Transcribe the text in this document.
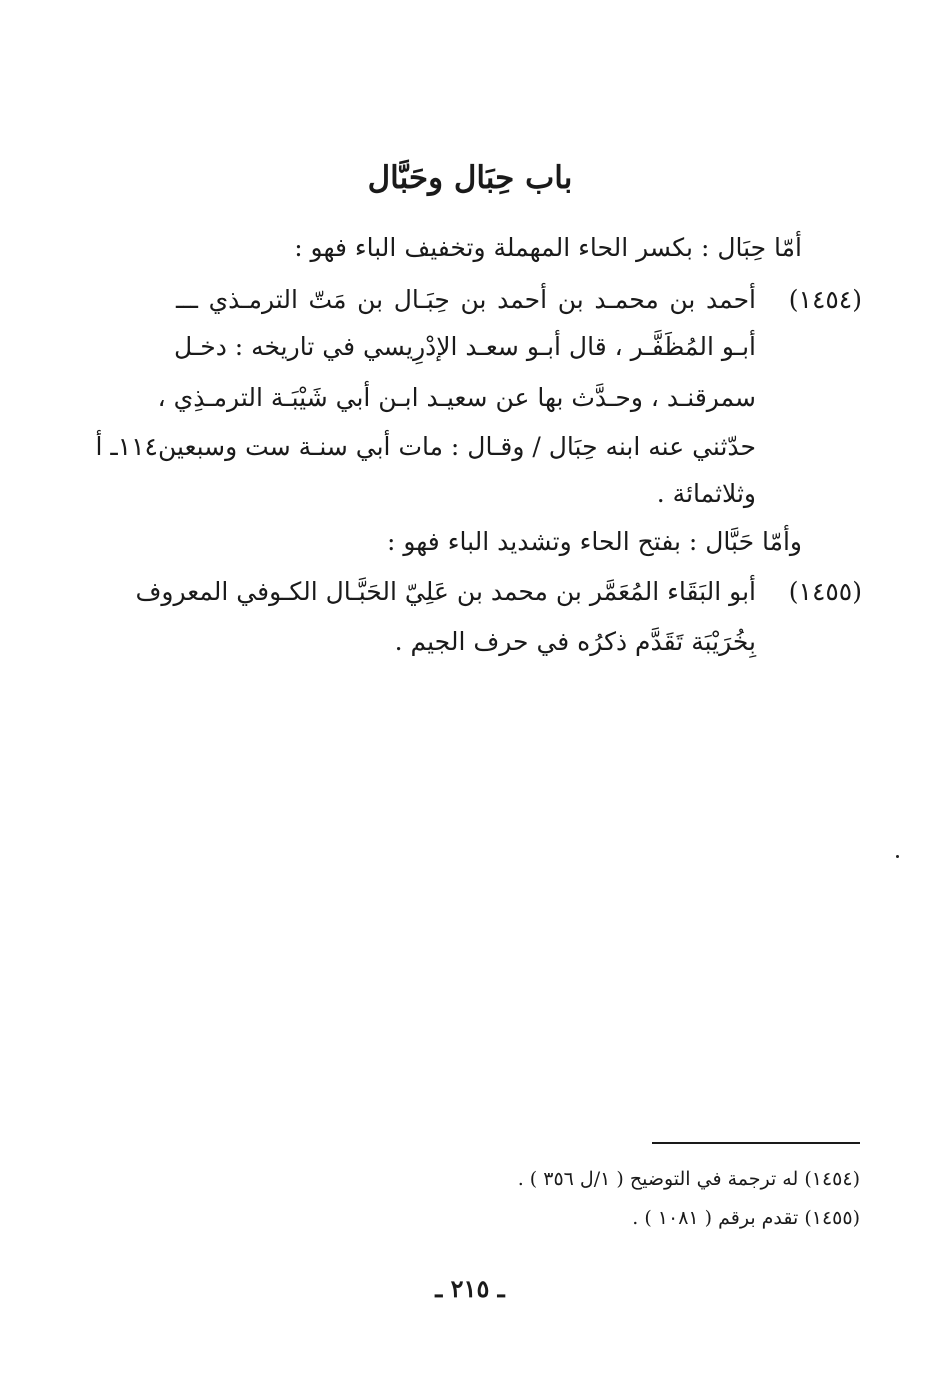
باب حِبَال وحَبَّال
أمّا حِبَال : بكسر الحاء المهملة وتخفيف الباء فهو :
(١٤٥٤)
أحمد بن محمـد بن أحمد بن حِبَـال بن مَتّ الترمـذي ـــ
أبـو المُظَفَّـر ، قال أبـو سعـد الإدْرِيسي في تاريخه : دخـل
سمرقنـد ، وحـدَّث بها عن سعيـد ابـن أبي شَيْبَـة الترمـذِي ،
حدّثني عنه ابنه حِبَال / وقـال : مات أبي سنـة ست وسبعين١١٤ـ أ
وثلاثمائة .
وأمّا حَبَّال : بفتح الحاء وتشديد الباء فهو :
(١٤٥٥)
أبو البَقَاء المُعَمَّر بن محمد بن عَلِيّ الحَبَّـال الكـوفي المعروف
بِخُرَيْبَة تَقَدَّم ذكرُه في حرف الجيم .
(١٤٥٤) له ترجمة في التوضيح ( ١/ل ٣٥٦ ) .
(١٤٥٥) تقدم برقم ( ١٠٨١ ) .
ـ ٢١٥ ـ
